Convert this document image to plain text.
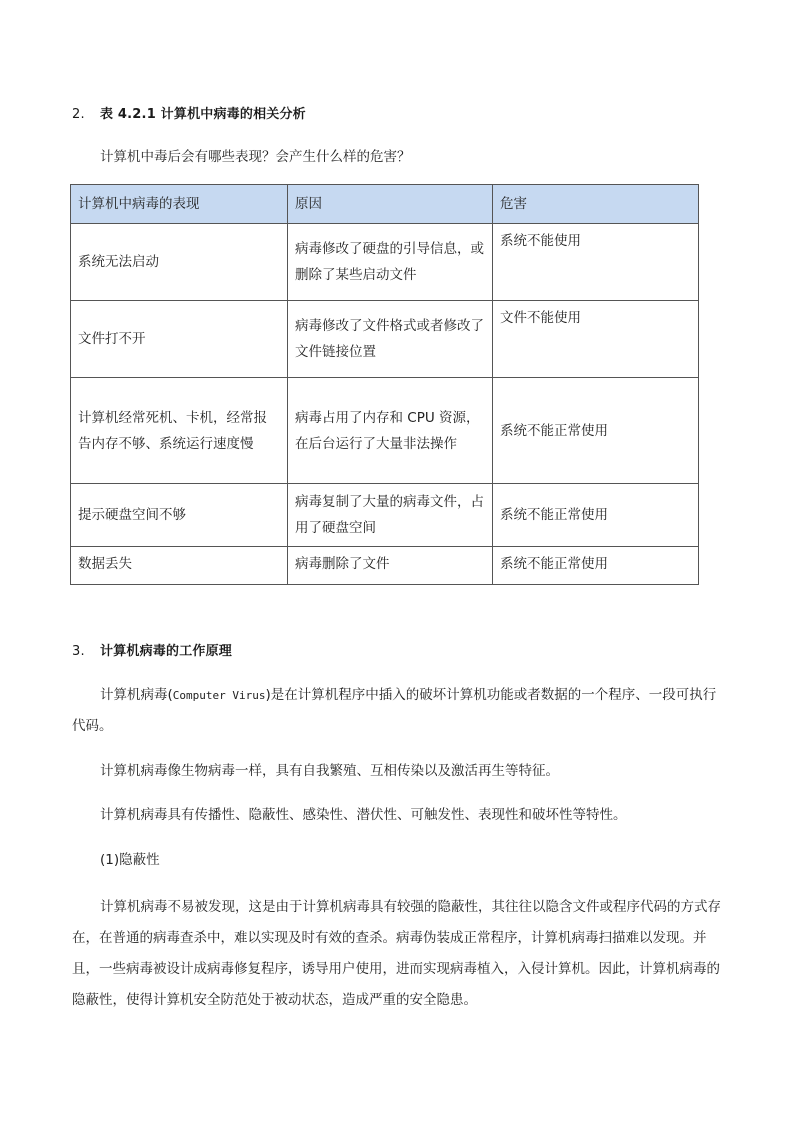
2. 表 4.2.1 计算机中病毒的相关分析
计算机中毒后会有哪些表现？会产生什么样的危害？
计算机中病毒的表现	原因	危害
系统无法启动	病毒修改了硬盘的引导信息，或删除了某些启动文件	系统不能使用
文件打不开	病毒修改了文件格式或者修改了文件链接位置	文件不能使用
计算机经常死机、卡机，经常报告内存不够、系统运行速度慢	病毒占用了内存和 CPU 资源，在后台运行了大量非法操作	系统不能正常使用
提示硬盘空间不够	病毒复制了大量的病毒文件，占用了硬盘空间	系统不能正常使用
数据丢失	病毒删除了文件	系统不能正常使用
3. 计算机病毒的工作原理
计算机病毒(Computer Virus)是在计算机程序中插入的破坏计算机功能或者数据的一个程序、一段可执行代码。
计算机病毒像生物病毒一样，具有自我繁殖、互相传染以及激活再生等特征。
计算机病毒具有传播性、隐蔽性、感染性、潜伏性、可触发性、表现性和破坏性等特性。
(1)隐蔽性
计算机病毒不易被发现，这是由于计算机病毒具有较强的隐蔽性，其往往以隐含文件或程序代码的方式存在，在普通的病毒查杀中，难以实现及时有效的查杀。病毒伪装成正常程序，计算机病毒扫描难以发现。并且，一些病毒被设计成病毒修复程序，诱导用户使用，进而实现病毒植入，入侵计算机。因此，计算机病毒的隐蔽性，使得计算机安全防范处于被动状态，造成严重的安全隐患。
